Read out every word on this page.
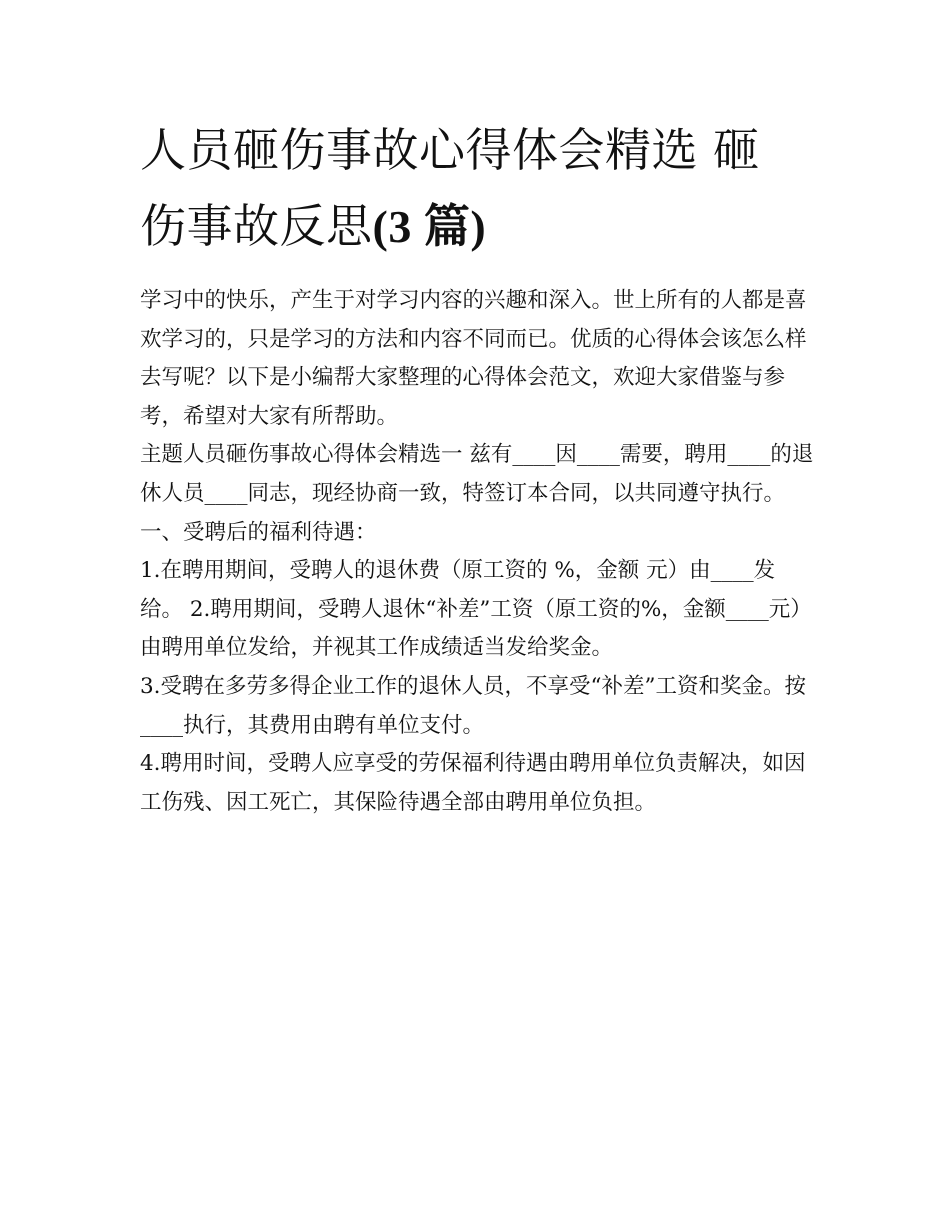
人员砸伤事故心得体会精选 砸
伤事故反思(3 篇)

学习中的快乐，产生于对学习内容的兴趣和深入。世上所有的人都是喜欢学习的，只是学习的方法和内容不同而已。优质的心得体会该怎么样去写呢？以下是小编帮大家整理的心得体会范文，欢迎大家借鉴与参考，希望对大家有所帮助。

主题人员砸伤事故心得体会精选一 兹有____因____需要，聘用____的退休人员____同志，现经协商一致，特签订本合同，以共同遵守执行。 一、受聘后的福利待遇：

1.在聘用期间，受聘人的退休费（原工资的 %，金额 元）由____发 给。 2.聘用期间，受聘人退休“补差”工资（原工资的%，金额____元）由聘用单位发给，并视其工作成绩适当发给奖金。

3.受聘在多劳多得企业工作的退休人员，不享受“补差”工资和奖金。按____执行，其费用由聘有单位支付。

4.聘用时间，受聘人应享受的劳保福利待遇由聘用单位负责解决，如因工伤残、因工死亡，其保险待遇全部由聘用单位负担。
